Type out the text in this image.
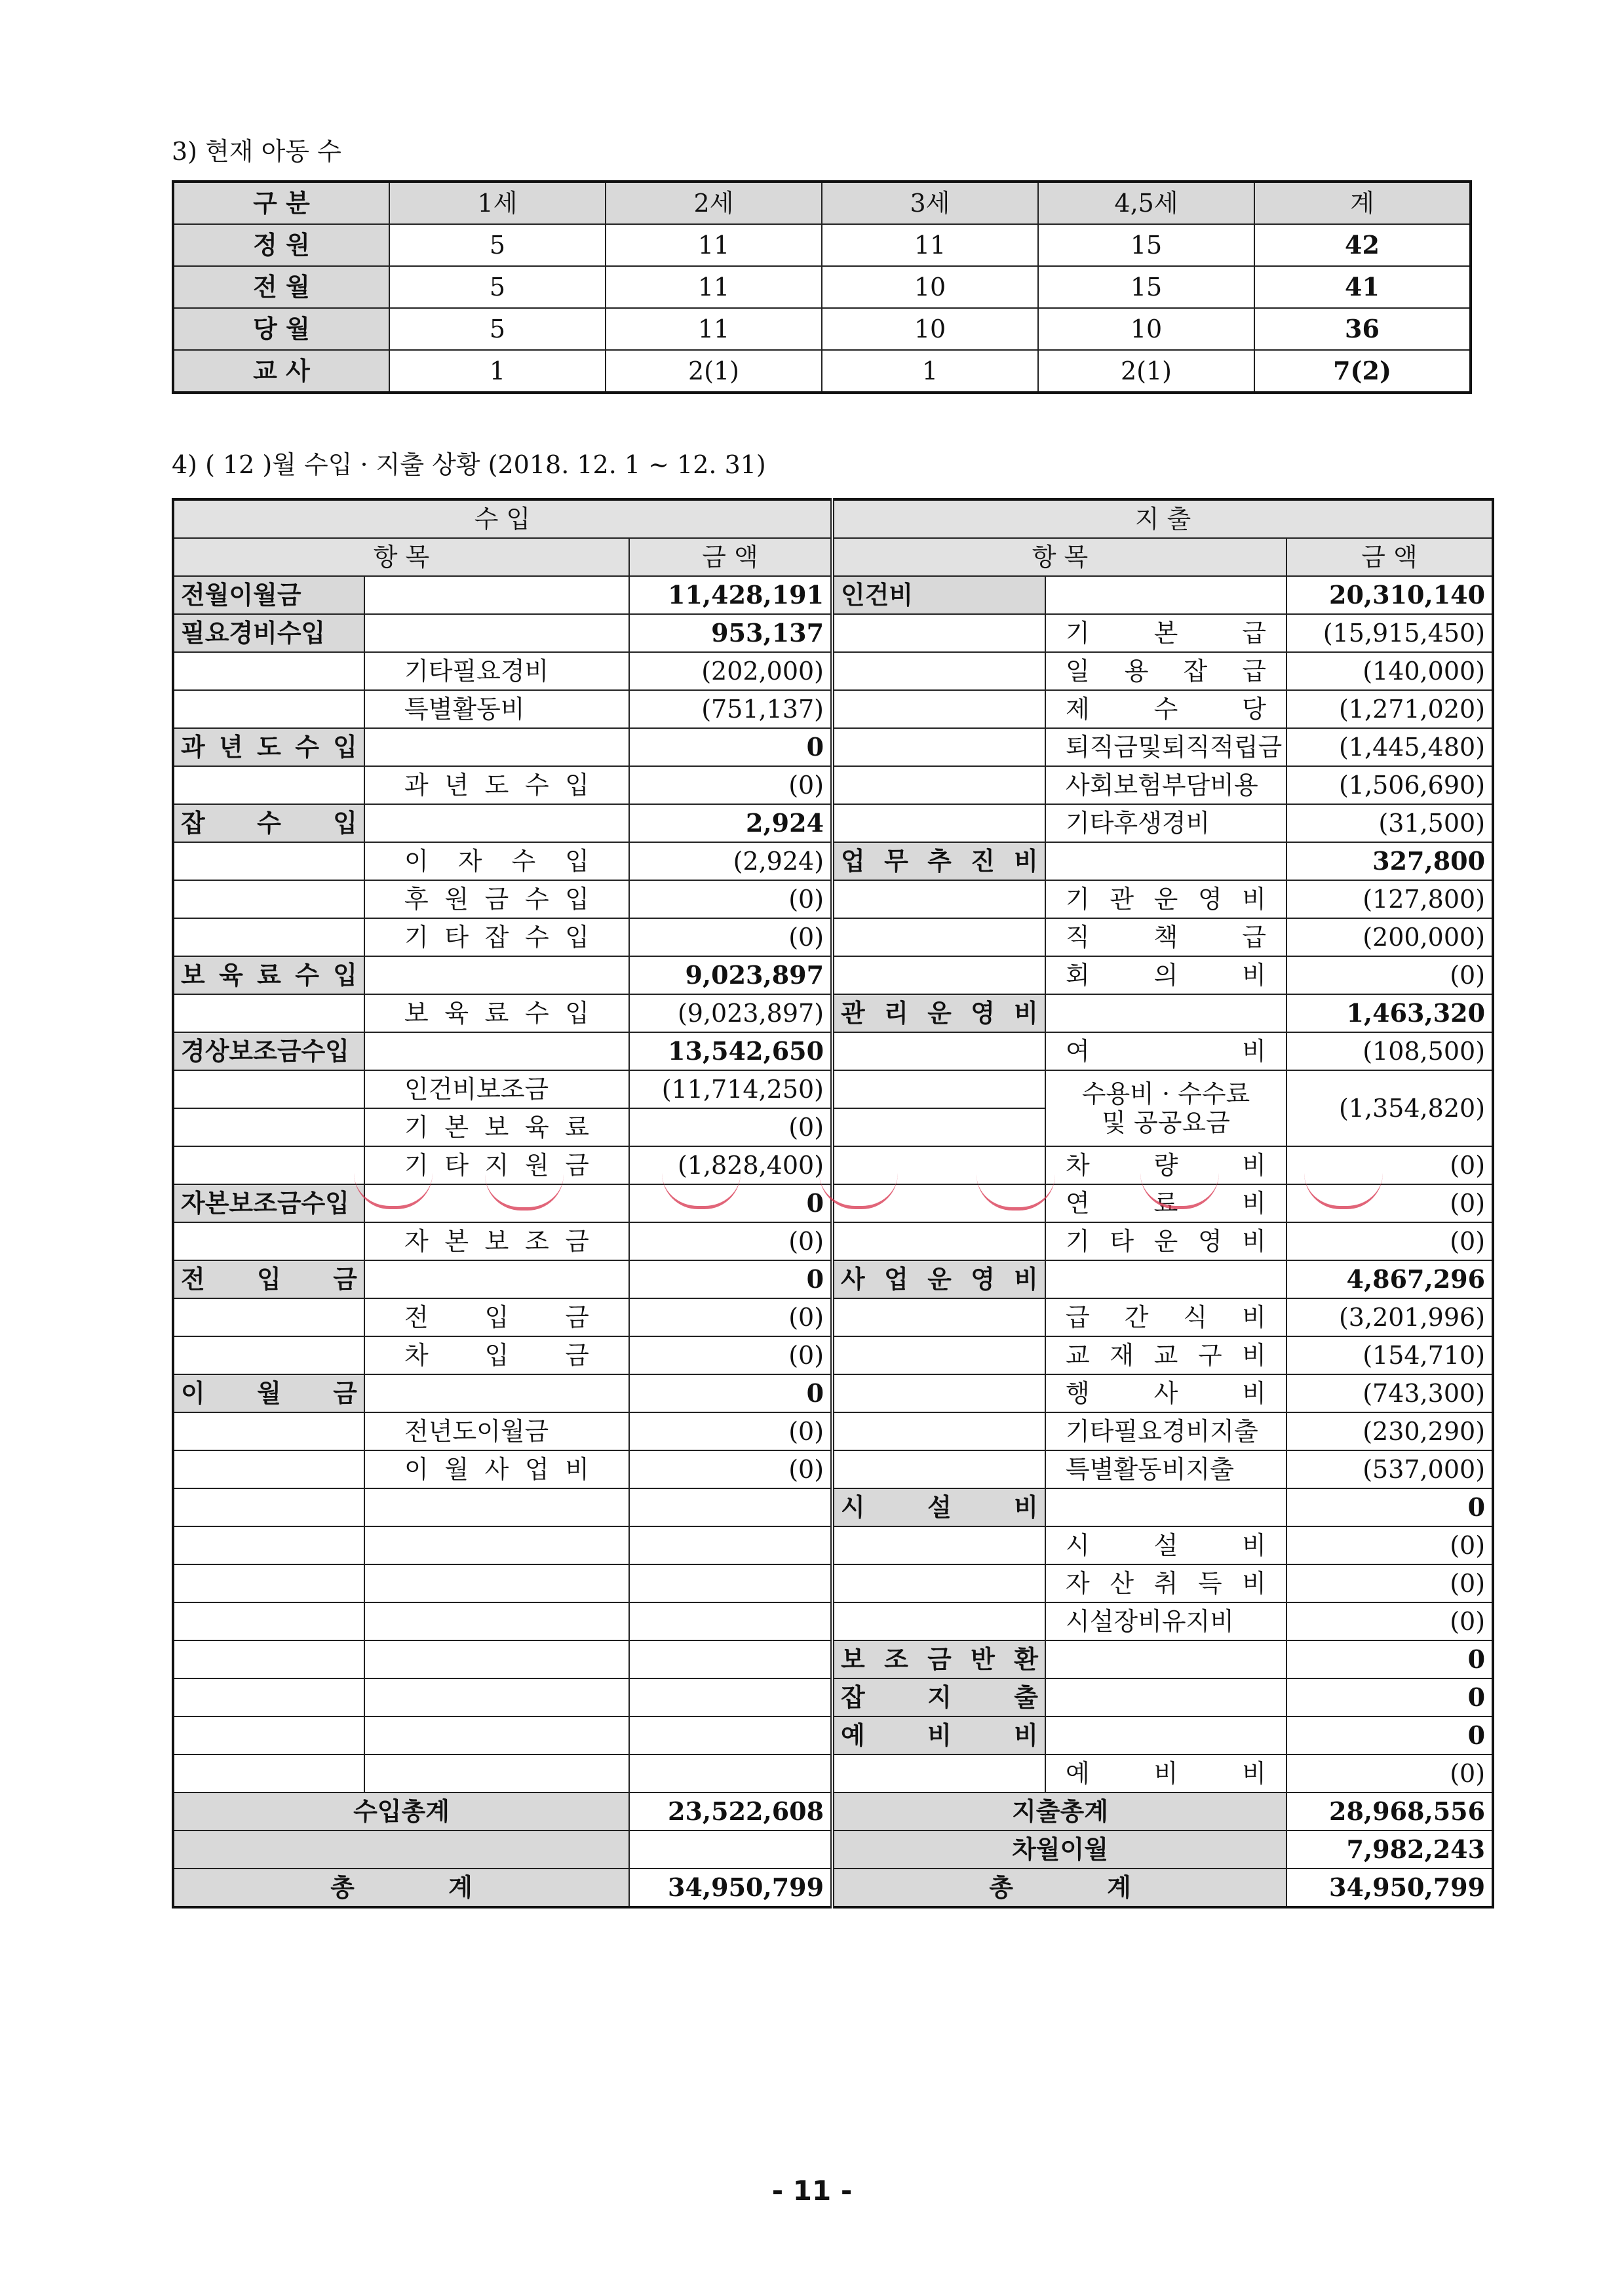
3) 현재 아동 수
구 분	1세	2세	3세	4,5세	계
정 원	5	11	11	15	42
전 월	5	11	10	15	41
당 월	5	11	10	10	36
교 사	1	2(1)	1	2(1)	7(2)
4) ( 12 )월 수입 · 지출 상황 (2018. 12. 1 ~ 12. 31)
수 입			지 출		
항 목		금 액	항 목		금 액
전월이월금		11,428,191	인건비		20,310,140
필요경비수입		953,137		기 본 급	(15,915,450)
	기타필요경비	(202,000)		일 용 잡 급	(140,000)
	특별활동비	(751,137)		제 수 당	(1,271,020)
과 년 도 수 입		0		퇴직금및퇴직적립금	(1,445,480)
	과 년 도 수 입	(0)		사회보험부담비용	(1,506,690)
잡 수 입		2,924		기타후생경비	(31,500)
	이 자 수 입	(2,924)	업 무 추 진 비		327,800
	후 원 금 수 입	(0)		기 관 운 영 비	(127,800)
	기 타 잡 수 입	(0)		직 책 급	(200,000)
보 육 료 수 입		9,023,897		회 의 비	(0)
	보 육 료 수 입	(9,023,897)	관 리 운 영 비		1,463,320
경상보조금수입		13,542,650		여 비	(108,500)
	인건비보조금	(11,714,250)		수용비 · 수수료
및 공공요금	(1,354,820)
	기 본 보 육 료	(0)			
	기 타 지 원 금	(1,828,400)		차 량 비	(0)
자본보조금수입		0		연 료 비	(0)
	자 본 보 조 금	(0)		기 타 운 영 비	(0)
전 입 금		0	사 업 운 영 비		4,867,296
	전 입 금	(0)		급 간 식 비	(3,201,996)
	차 입 금	(0)		교 재 교 구 비	(154,710)
이 월 금		0		행 사 비	(743,300)
	전년도이월금	(0)		기타필요경비지출	(230,290)
	이 월 사 업 비	(0)		특별활동비지출	(537,000)
			시 설 비		0
				시 설 비	(0)
				자 산 취 득 비	(0)
				시설장비유지비	(0)
			보 조 금 반 환		0
			잡 지 출		0
			예 비 비		0
				예 비 비	(0)
수입총계		23,522,608	지출총계		28,968,556
			차월이월		7,982,243
총 계		34,950,799	총 계		34,950,799
- 11 -
